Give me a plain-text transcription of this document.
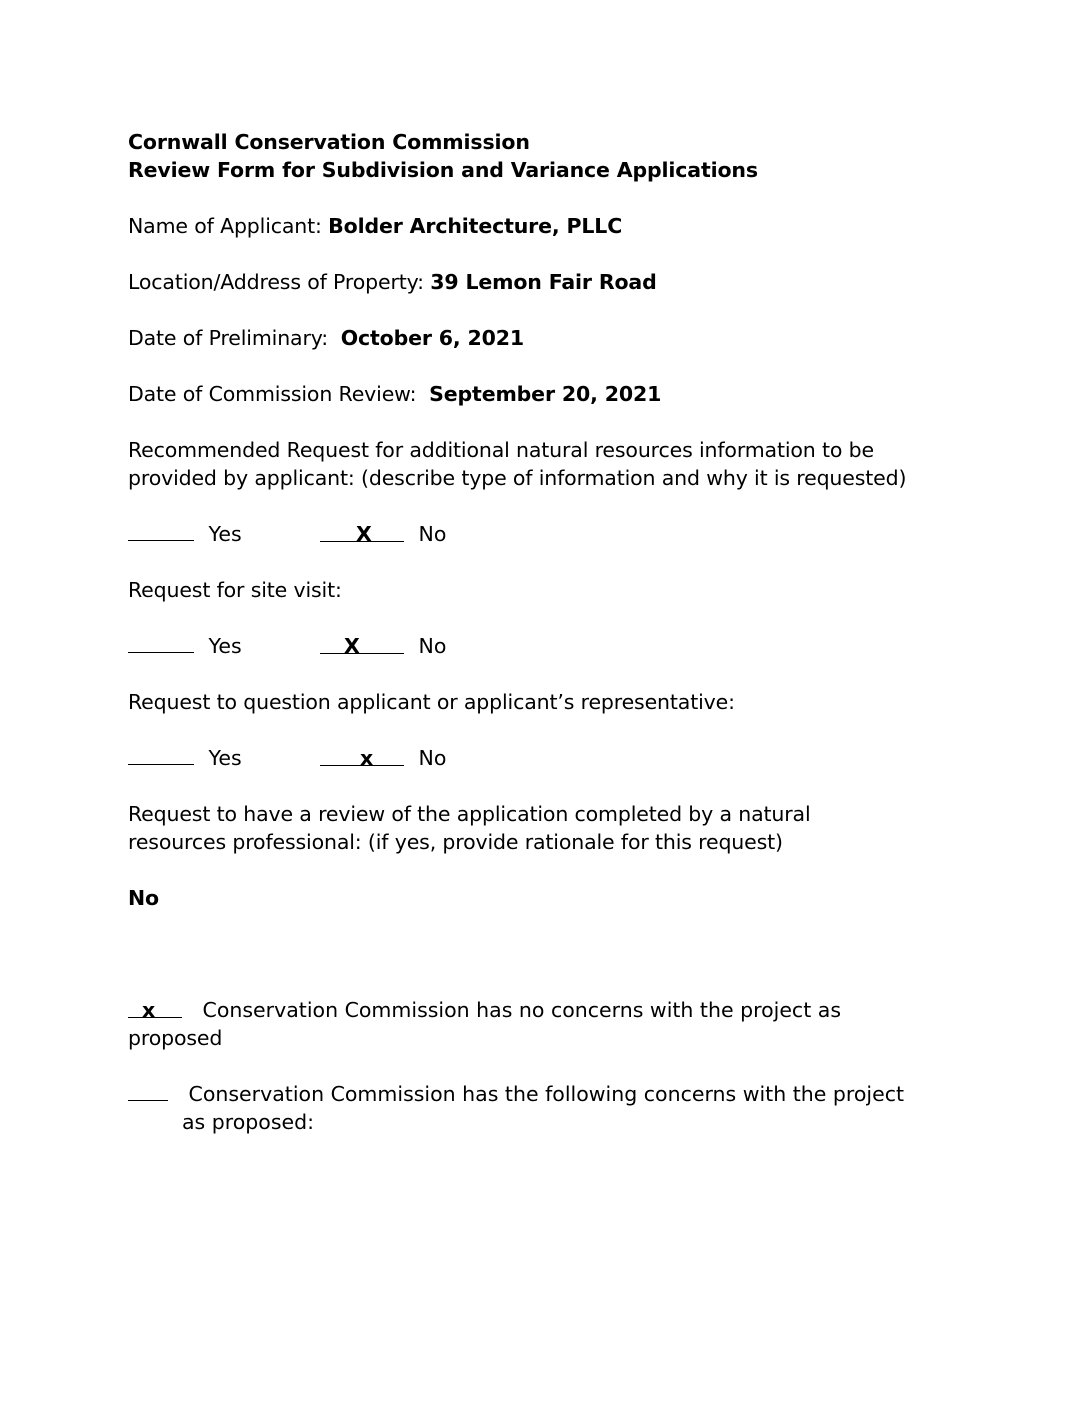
Cornwall Conservation Commission
Review Form for Subdivision and Variance Applications
Name of Applicant: Bolder Architecture, PLLC
Location/Address of Property: 39 Lemon Fair Road
Date of Preliminary: October 6, 2021
Date of Commission Review: September 20, 2021
Recommended Request for additional natural resources information to be
provided by applicant: (describe type of information and why it is requested)
Yes	X No
Request for site visit:
Yes	X	No
Request to question applicant or applicant’s representative:
Yes	x No
Request to have a review of the application completed by a natural
resources professional: (if yes, provide rationale for this request)
No
x Conservation Commission has no concerns with the project as
proposed
Conservation Commission has the following concerns with the project
as proposed:
